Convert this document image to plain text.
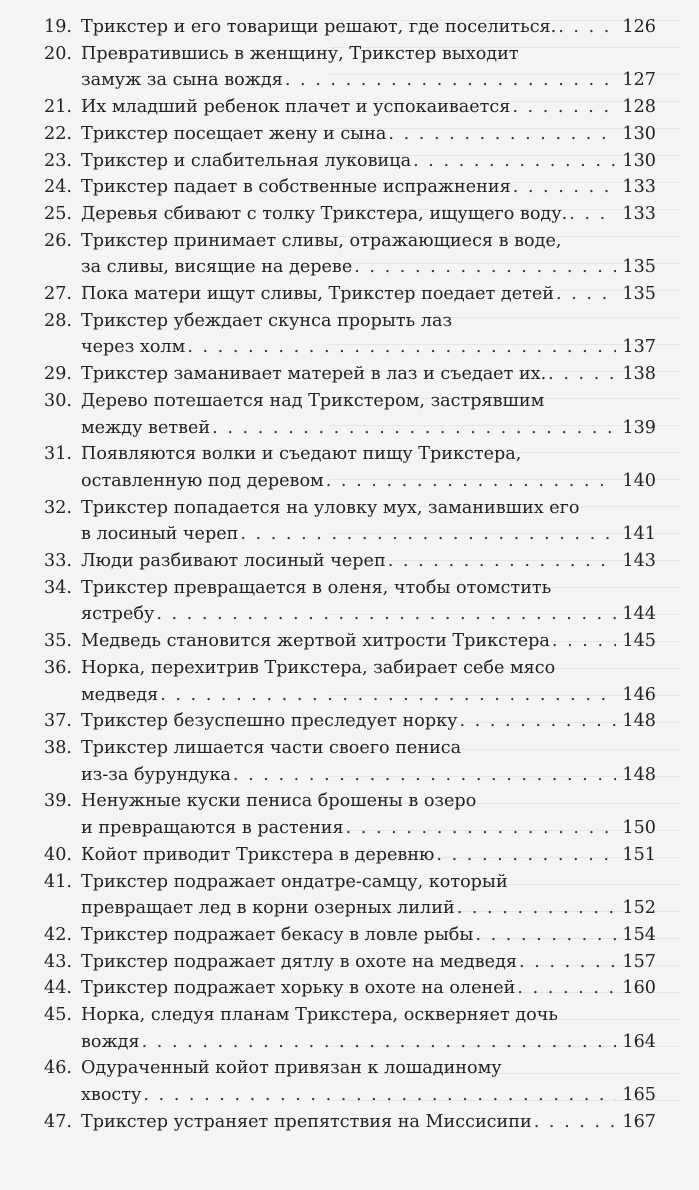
19. Трикстер и его товарищи решают, где поселиться. . . .	126
20. Превратившись в женщину, Трикстер выходит
замуж за сына вождя . . .	127
21. Их младший ребенок плачет и успокаивается . . .	128
22. Трикстер посещает жену и сына . . .	130
23. Трикстер и слабительная луковица . . .	130
24. Трикстер падает в собственные испражнения . . .	133
25. Деревья сбивают с толку Трикстера, ищущего воду. . . .	133
26. Трикстер принимает сливы, отражающиеся в воде,
за сливы, висящие на дереве . . .	135
27. Пока матери ищут сливы, Трикстер поедает детей . . .	135
28. Трикстер убеждает скунса прорыть лаз
через холм . . .	137
29. Трикстер заманивает матерей в лаз и съедает их. . . .	138
30. Дерево потешается над Трикстером, застрявшим
между ветвей . . .	139
31. Появляются волки и съедают пищу Трикстера,
оставленную под деревом . . .	140
32. Трикстер попадается на уловку мух, заманивших его
в лосиный череп . . .	141
33. Люди разбивают лосиный череп . . .	143
34. Трикстер превращается в оленя, чтобы отомстить
ястребу . . .	144
35. Медведь становится жертвой хитрости Трикстера . . .	145
36. Норка, перехитрив Трикстера, забирает себе мясо
медведя . . .	146
37. Трикстер безуспешно преследует норку . . .	148
38. Трикстер лишается части своего пениса
из-за бурундука . . .	148
39. Ненужные куски пениса брошены в озеро
и превращаются в растения . . .	150
40. Койот приводит Трикстера в деревню . . .	151
41. Трикстер подражает ондатре-самцу, который
превращает лед в корни озерных лилий . . .	152
42. Трикстер подражает бекасу в ловле рыбы . . .	154
43. Трикстер подражает дятлу в охоте на медведя . . .	157
44. Трикстер подражает хорьку в охоте на оленей . . .	160
45. Норка, следуя планам Трикстера, оскверняет дочь
вождя . . .	164
46. Одураченный койот привязан к лошадиному
хвосту . . .	165
47. Трикстер устраняет препятствия на Миссисипи . . .	167
